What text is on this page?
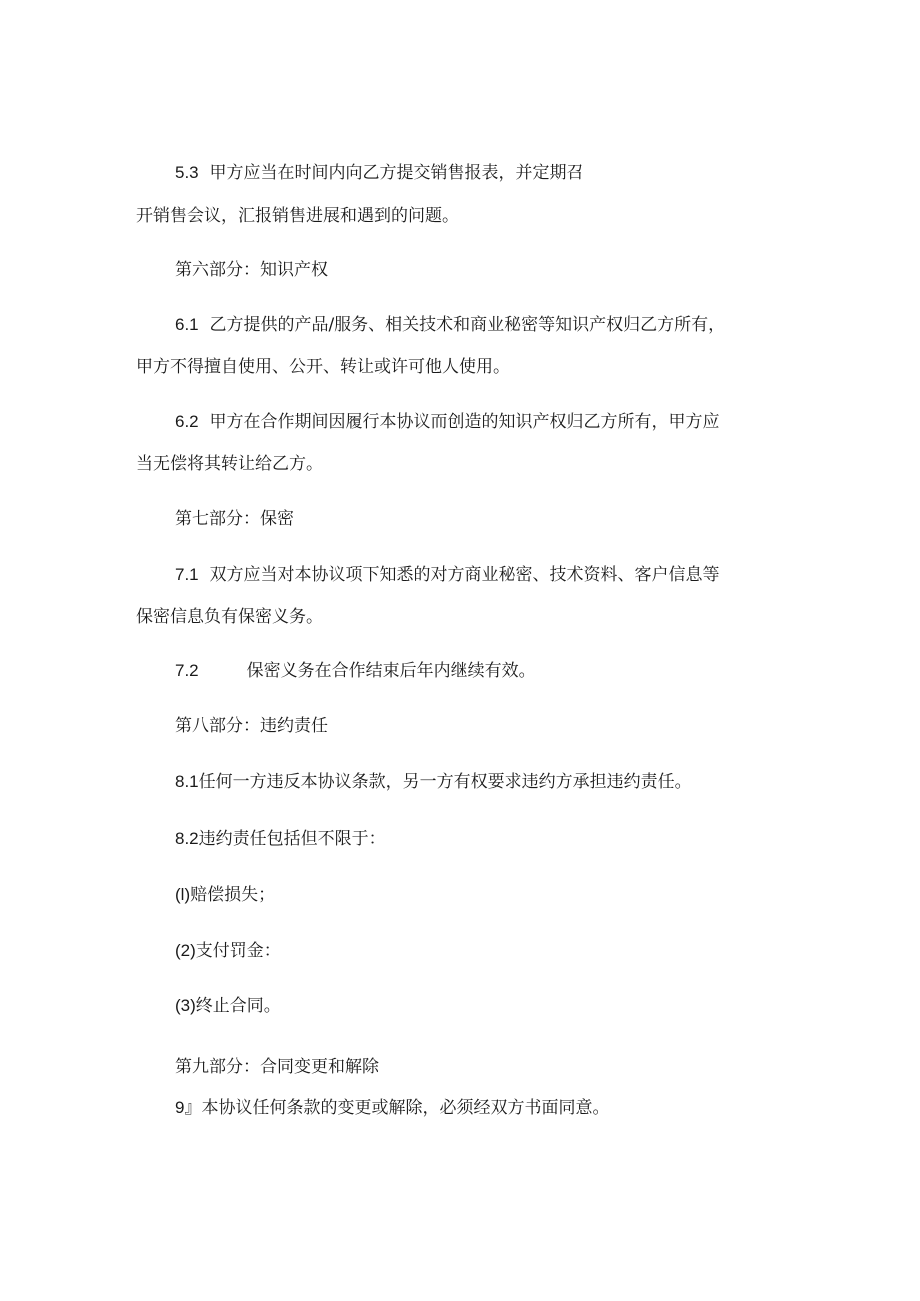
5.3 甲方应当在时间内向乙方提交销售报表，并定期召

开销售会议，汇报销售进展和遇到的问题。

第六部分：知识产权

6.1 乙方提供的产品/服务、相关技术和商业秘密等知识产权归乙方所有，

甲方不得擅自使用、公开、转让或许可他人使用。

6.2 甲方在合作期间因履行本协议而创造的知识产权归乙方所有，甲方应

当无偿将其转让给乙方。

第七部分：保密

7.1 双方应当对本协议项下知悉的对方商业秘密、技术资料、客户信息等

保密信息负有保密义务。

7.2	保密义务在合作结束后年内继续有效。

第八部分：违约责任

8.1任何一方违反本协议条款，另一方有权要求违约方承担违约责任。

8.2违约责任包括但不限于：

(l)赔偿损失；

(2)支付罚金：

(3)终止合同。

第九部分：合同变更和解除

9』本协议任何条款的变更或解除，必须经双方书面同意。
